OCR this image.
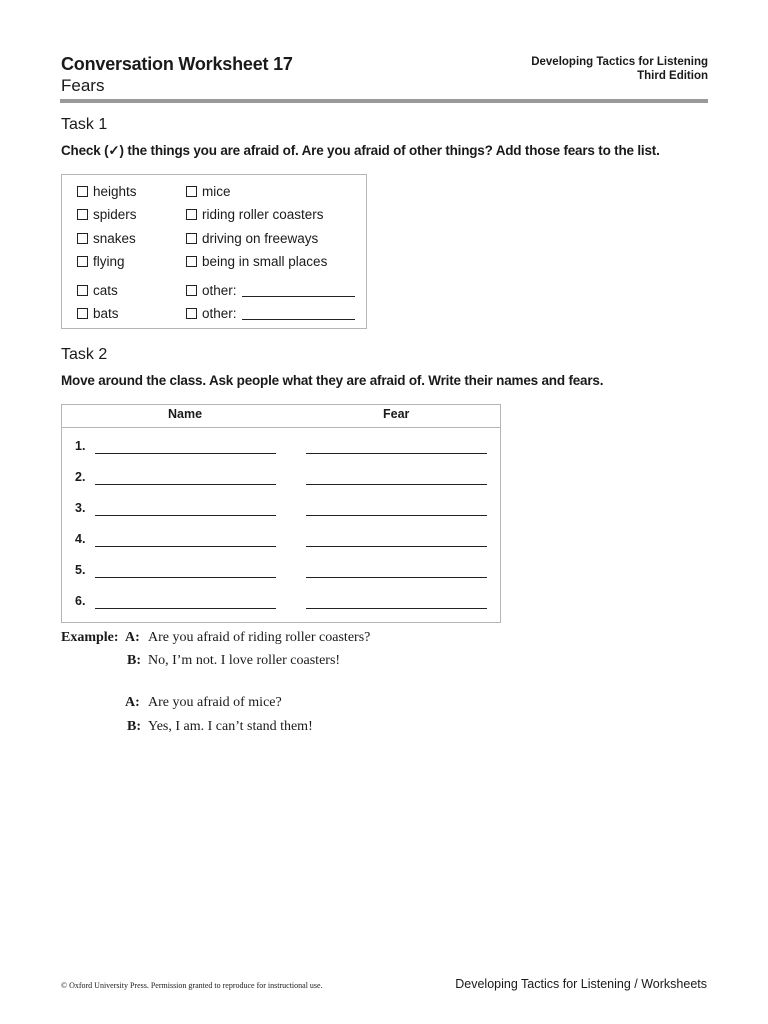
Conversation Worksheet 17
Fears
Developing Tactics for Listening
Third Edition
Task 1
Check (✓) the things you are afraid of. Are you afraid of other things? Add those fears to the list.
heights
spiders
snakes
flying
cats
bats
mice
riding roller coasters
driving on freeways
being in small places
other:
other:
Task 2
Move around the class. Ask people what they are afraid of. Write their names and fears.
Name	Fear
1.
2.
3.
4.
5.
6.
Example: A: Are you afraid of riding roller coasters?
B: No, I’m not. I love roller coasters!
A: Are you afraid of mice?
B: Yes, I am. I can’t stand them!
© Oxford University Press. Permission granted to reproduce for instructional use.	Developing Tactics for Listening / Worksheets
